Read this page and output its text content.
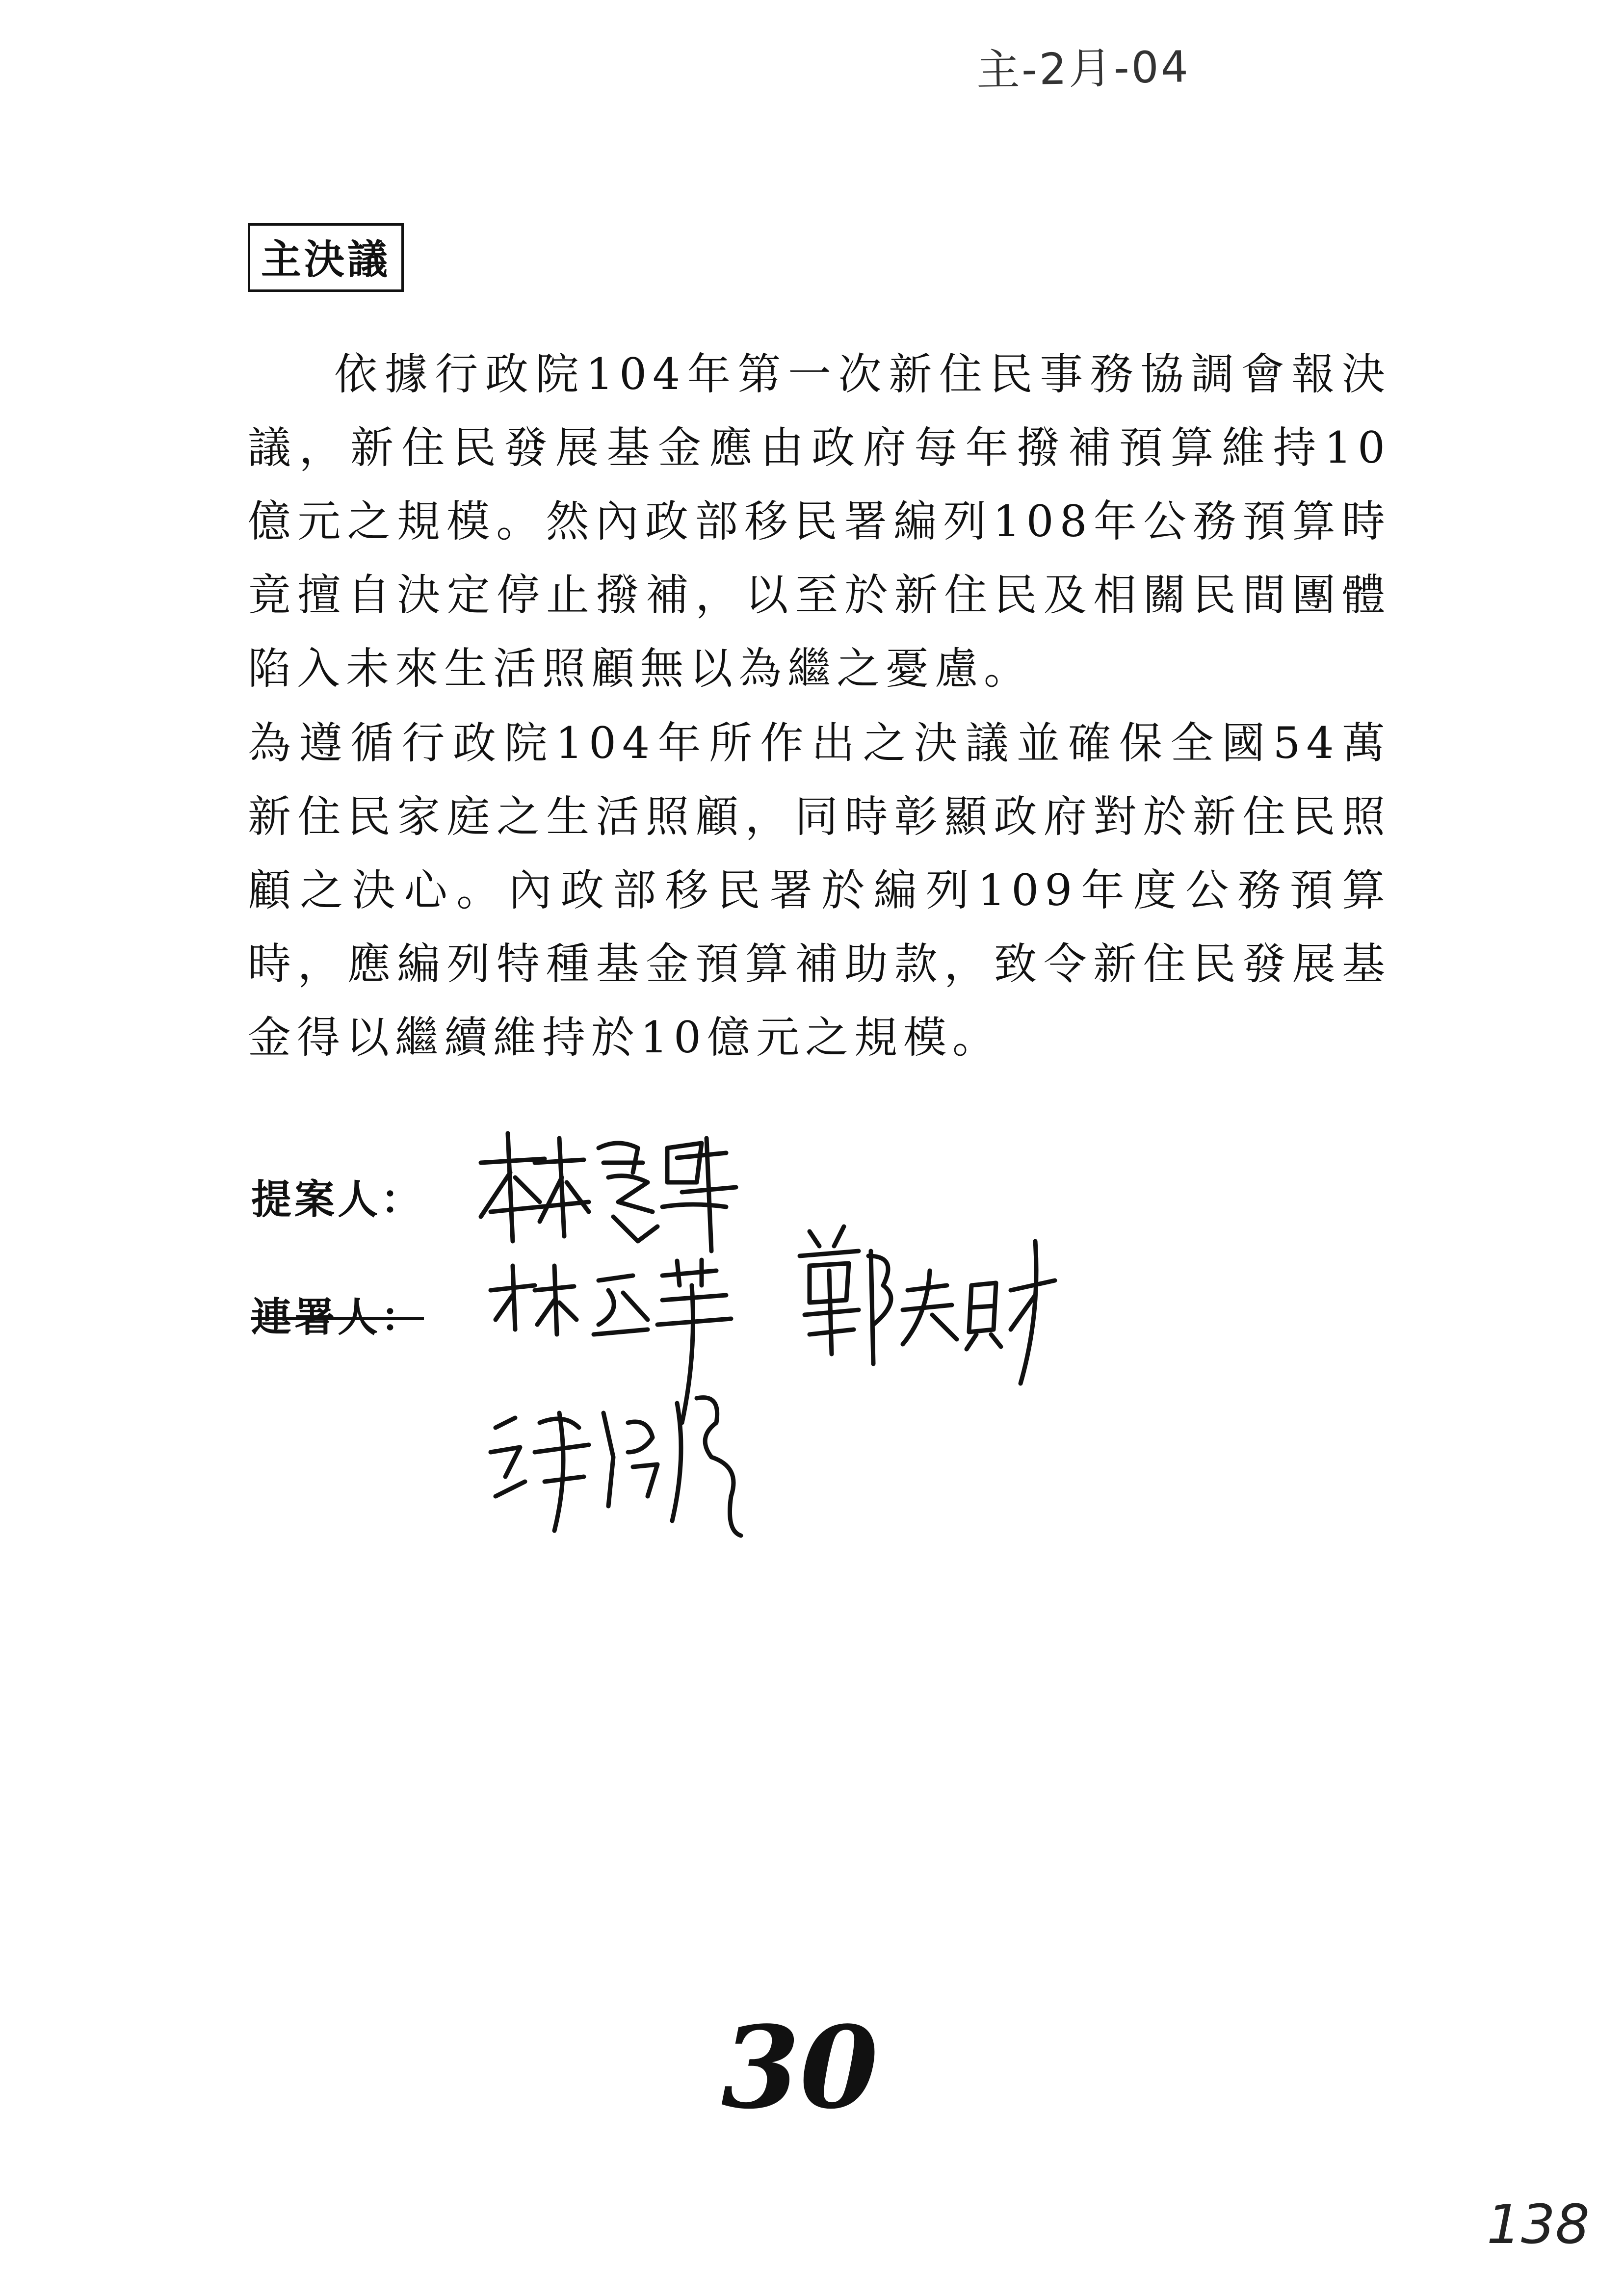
主-2月-04
主決議

依據行政院104年第一次新住民事務協調會報決議，新住民發展基金應由政府每年撥補預算維持10億元之規模。然內政部移民署編列108年公務預算時竟擅自決定停止撥補，以至於新住民及相關民間團體陷入未來生活照顧無以為繼之憂慮。

為遵循行政院104年所作出之決議並確保全國54萬新住民家庭之生活照顧，同時彰顯政府對於新住民照顧之決心。內政部移民署於編列109年度公務預算時，應編列特種基金預算補助款，致令新住民發展基金得以繼續維持於10億元之規模。

提案人：
連署人：
30
138
